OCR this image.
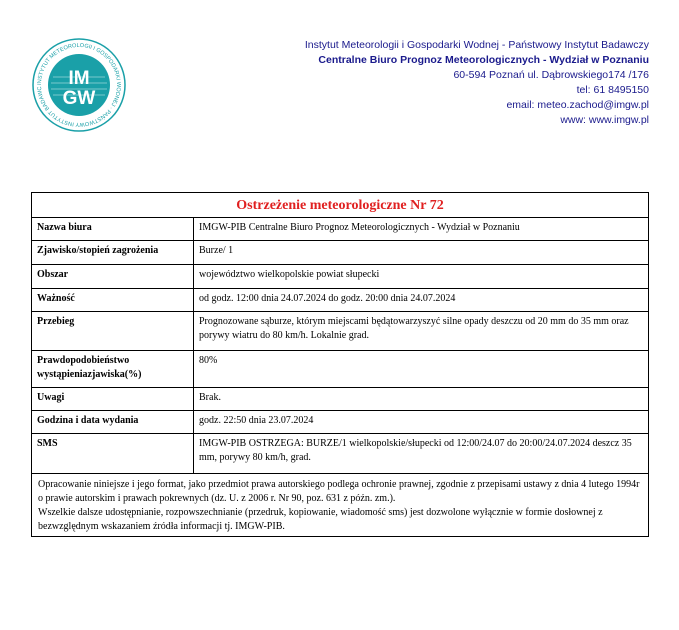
INSTYTUT METEOROLOGII I GOSPODARKI WODNEJ · PAŃSTWOWY INSTYTUT BADAWC	IM
GW
Instytut Meteorologii i Gospodarki Wodnej - Państwowy Instytut Badawczy
Centralne Biuro Prognoz Meteorologicznych - Wydział w Poznaniu
60-594 Poznań ul. Dąbrowskiego174 /176
tel: 61 8495150
email: meteo.zachod@imgw.pl
www: www.imgw.pl
Ostrzeżenie meteorologiczne Nr 72
Nazwa biura	IMGW-PIB Centralne Biuro Prognoz Meteorologicznych - Wydział w Poznaniu
Zjawisko/stopień zagrożenia	Burze/ 1
Obszar	województwo wielkopolskie powiat słupecki
Ważność	od godz. 12:00 dnia 24.07.2024 do godz. 20:00 dnia 24.07.2024
Przebieg	Prognozowane sąburze, którym miejscami będątowarzyszyć silne opady deszczu od 20 mm do 35 mm oraz porywy wiatru do 80 km/h. Lokalnie grad.
Prawdopodobieństwo wystąpieniazjawiska(%)	80%
Uwagi	Brak.
Godzina i data wydania	godz. 22:50 dnia 23.07.2024
SMS	IMGW-PIB OSTRZEGA: BURZE/1 wielkopolskie/słupecki od 12:00/24.07 do 20:00/24.07.2024 deszcz 35 mm, porywy 80 km/h, grad.
Opracowanie niniejsze i jego format, jako przedmiot prawa autorskiego podlega ochronie prawnej, zgodnie z przepisami ustawy z dnia 4 lutego 1994r o prawie autorskim i prawach pokrewnych (dz. U. z 2006 r. Nr 90, poz. 631 z późn. zm.).
Wszelkie dalsze udostępnianie, rozpowszechnianie (przedruk, kopiowanie, wiadomość sms) jest dozwolone wyłącznie w formie dosłownej z bezwzględnym wskazaniem źródła informacji tj. IMGW-PIB.
